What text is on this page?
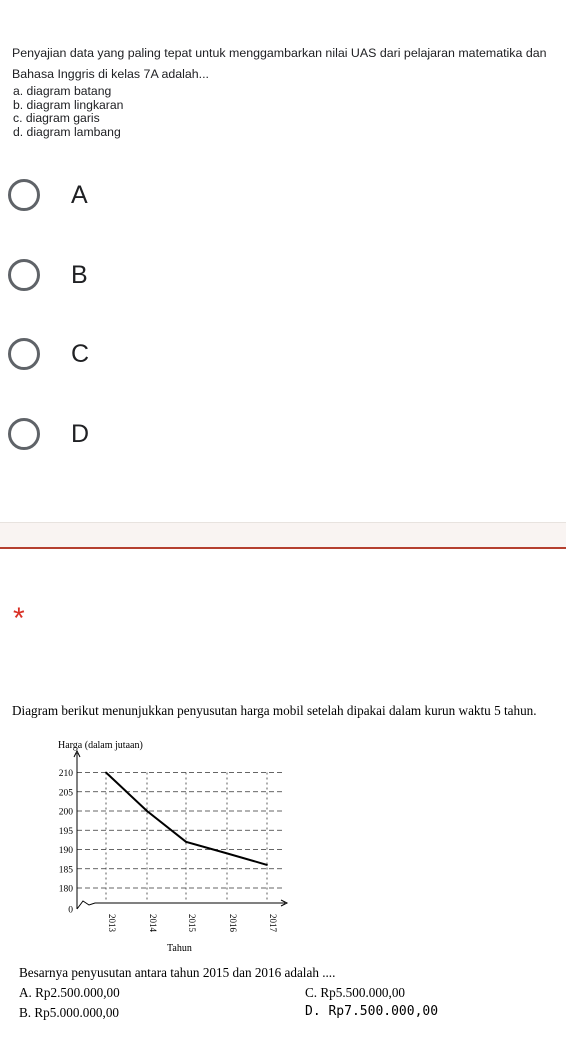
Penyajian data yang paling tepat untuk menggambarkan nilai UAS dari pelajaran matematika dan Bahasa Inggris di kelas 7A adalah...
a. diagram batang
b. diagram lingkaran
c. diagram garis
d. diagram lambang
A
B
C
D
*
Diagram berikut menunjukkan penyusutan harga mobil setelah dipakai dalam kurun waktu 5 tahun.
0
180
185
190
195
200
205
210
2013	2014	2015	2016	2017
Harga (dalam jutaan)
Tahun
Besarnya penyusutan antara tahun 2015 dan 2016 adalah ....
A. Rp2.500.000,00	C. Rp5.500.000,00
B. Rp5.000.000,00	D. Rp7.500.000,00
